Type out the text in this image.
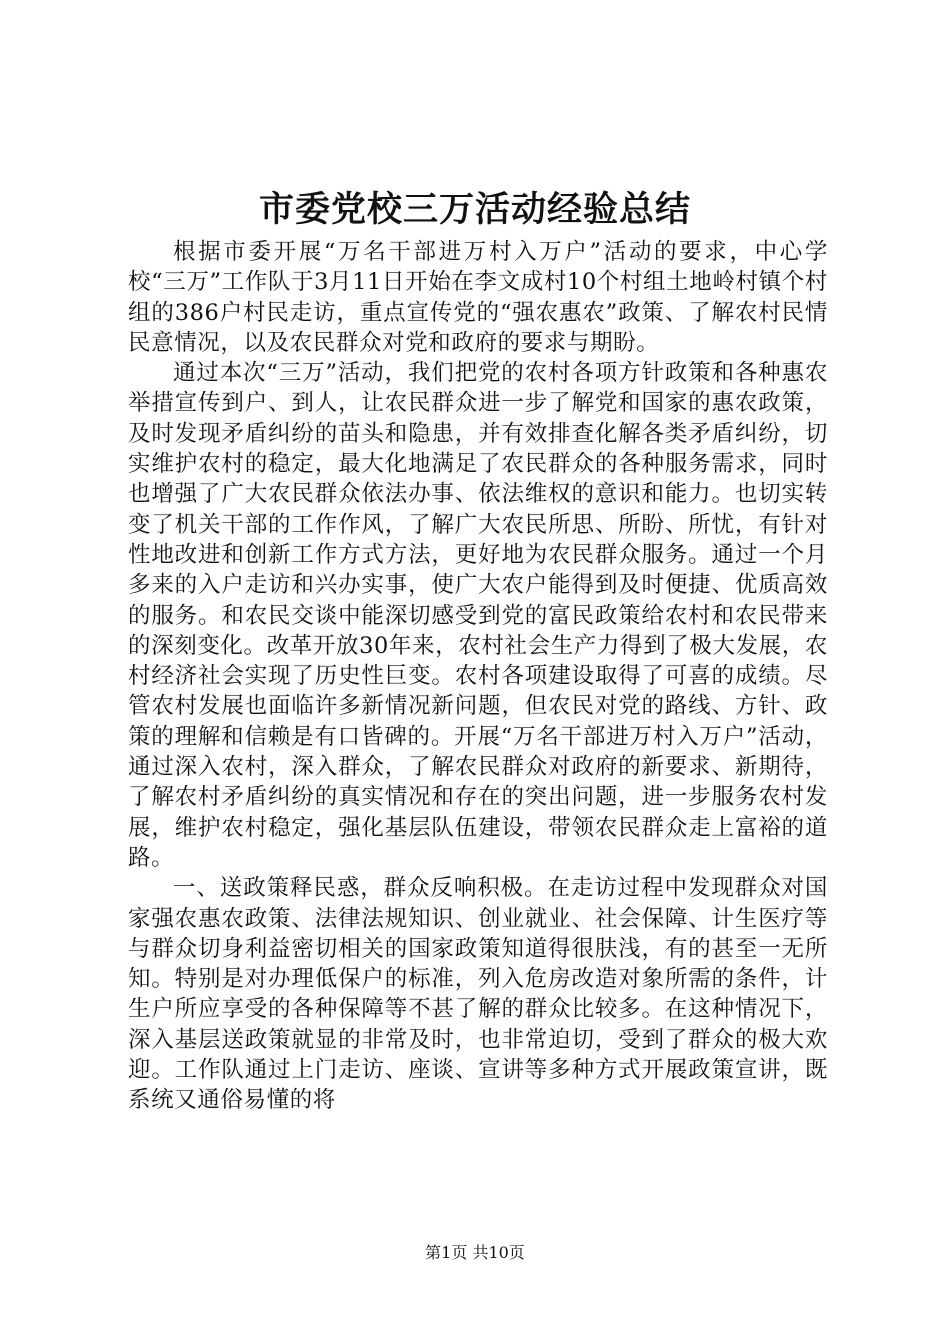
市委党校三万活动经验总结

根据市委开展“万名干部进万村入万户”活动的要求，中心学校“三万”工作队于3月11日开始在李文成村10个村组土地岭村镇个村组的386户村民走访，重点宣传党的“强农惠农”政策、了解农村民情民意情况，以及农民群众对党和政府的要求与期盼。

通过本次“三万”活动，我们把党的农村各项方针政策和各种惠农举措宣传到户、到人，让农民群众进一步了解党和国家的惠农政策，及时发现矛盾纠纷的苗头和隐患，并有效排查化解各类矛盾纠纷，切实维护农村的稳定，最大化地满足了农民群众的各种服务需求，同时也增强了广大农民群众依法办事、依法维权的意识和能力。也切实转变了机关干部的工作作风，了解广大农民所思、所盼、所忧，有针对性地改进和创新工作方式方法，更好地为农民群众服务。通过一个月多来的入户走访和兴办实事，使广大农户能得到及时便捷、优质高效的服务。和农民交谈中能深切感受到党的富民政策给农村和农民带来的深刻变化。改革开放30年来，农村社会生产力得到了极大发展，农村经济社会实现了历史性巨变。农村各项建设取得了可喜的成绩。尽管农村发展也面临许多新情况新问题，但农民对党的路线、方针、政策的理解和信赖是有口皆碑的。开展“万名干部进万村入万户”活动，通过深入农村，深入群众，了解农民群众对政府的新要求、新期待，了解农村矛盾纠纷的真实情况和存在的突出问题，进一步服务农村发展，维护农村稳定，强化基层队伍建设，带领农民群众走上富裕的道路。

一、送政策释民惑，群众反响积极。在走访过程中发现群众对国家强农惠农政策、法律法规知识、创业就业、社会保障、计生医疗等与群众切身利益密切相关的国家政策知道得很肤浅，有的甚至一无所知。特别是对办理低保户的标准，列入危房改造对象所需的条件，计生户所应享受的各种保障等不甚了解的群众比较多。在这种情况下，深入基层送政策就显的非常及时，也非常迫切，受到了群众的极大欢迎。工作队通过上门走访、座谈、宣讲等多种方式开展政策宣讲，既系统又通俗易懂的将

第1页 共10页
